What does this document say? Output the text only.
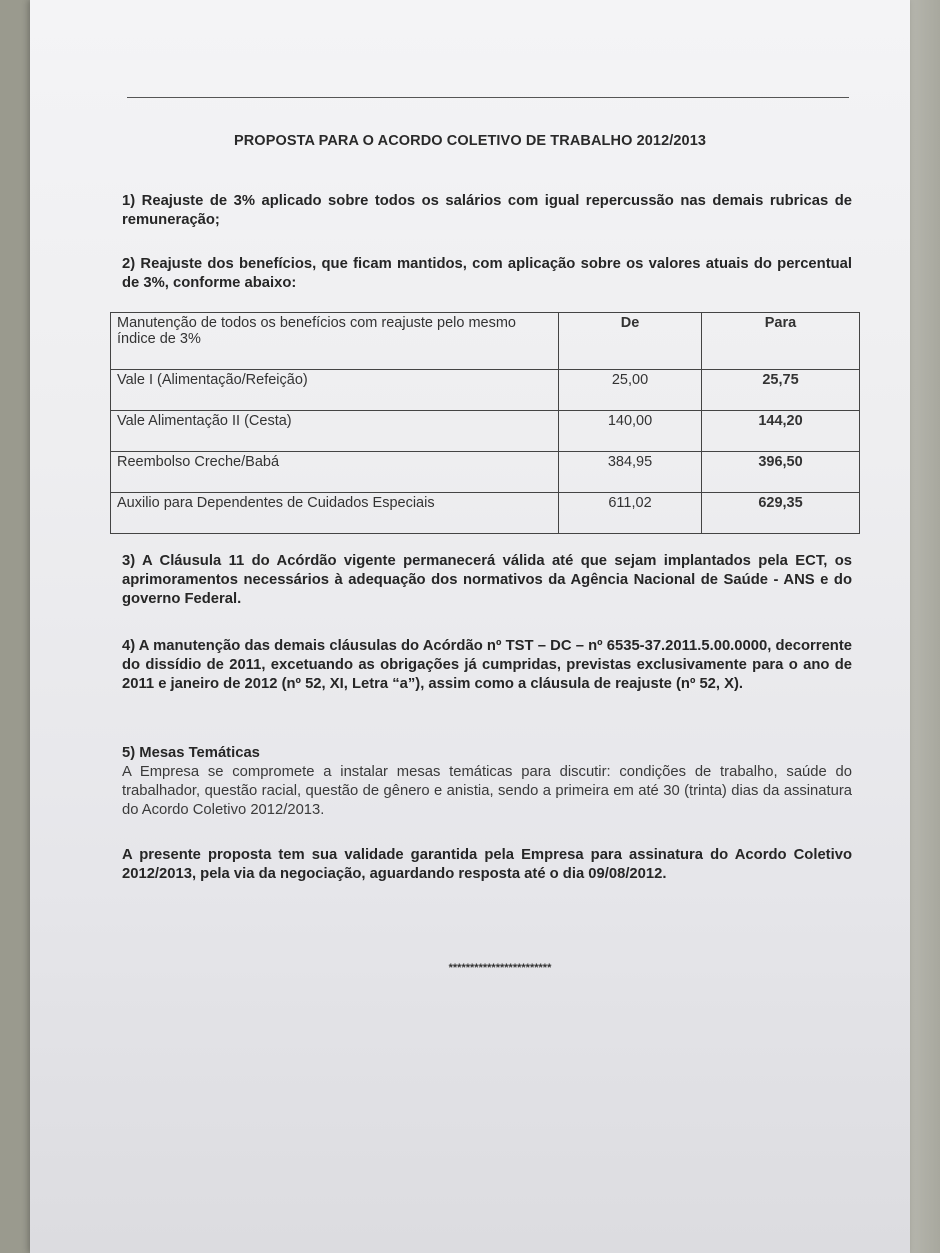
PROPOSTA PARA O ACORDO COLETIVO DE TRABALHO 2012/2013
1) Reajuste de 3% aplicado sobre todos os salários com igual repercussão nas demais rubricas de remuneração;
2) Reajuste dos benefícios, que ficam mantidos, com aplicação sobre os valores atuais do percentual de 3%, conforme abaixo:
Manutenção de todos os benefícios com reajuste pelo mesmo índice de 3%	De	Para
Vale I (Alimentação/Refeição)	25,00	25,75
Vale Alimentação II (Cesta)	140,00	144,20
Reembolso Creche/Babá	384,95	396,50
Auxilio para Dependentes de Cuidados Especiais	611,02	629,35
3) A Cláusula 11 do Acórdão vigente permanecerá válida até que sejam implantados pela ECT, os aprimoramentos necessários à adequação dos normativos da Agência Nacional de Saúde - ANS e do governo Federal.
4) A manutenção das demais cláusulas do Acórdão nº TST – DC – nº 6535-37.2011.5.00.0000, decorrente do dissídio de 2011, excetuando as obrigações já cumpridas, previstas exclusivamente para o ano de 2011 e janeiro de 2012 (nº 52, XI, Letra “a”), assim como a cláusula de reajuste (nº 52, X).
5) Mesas Temáticas
A Empresa se compromete a instalar mesas temáticas para discutir: condições de trabalho, saúde do trabalhador, questão racial, questão de gênero e anistia, sendo a primeira em até 30 (trinta) dias da assinatura do Acordo Coletivo 2012/2013.
A presente proposta tem sua validade garantida pela Empresa para assinatura do Acordo Coletivo 2012/2013, pela via da negociação, aguardando resposta até o dia 09/08/2012.
************************
